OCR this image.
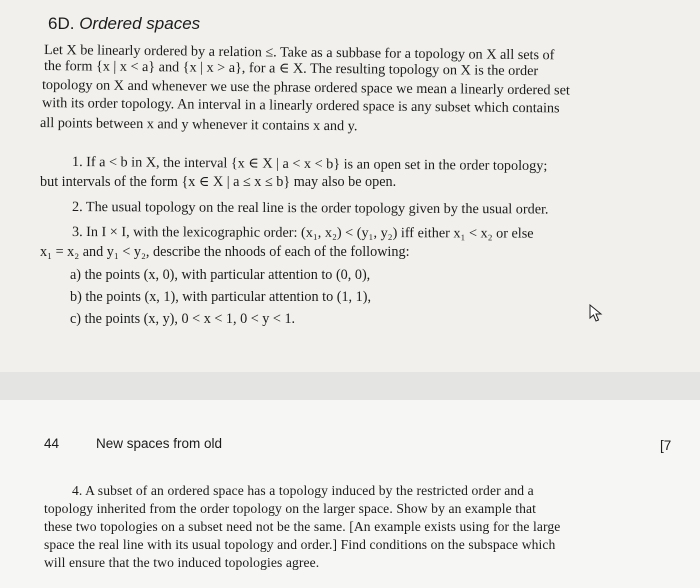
6D. Ordered spaces
Let X be linearly ordered by a relation ≤. Take as a subbase for a topology on X all sets of
the form {x | x < a} and {x | x > a}, for a ∈ X. The resulting topology on X is the order
topology on X and whenever we use the phrase ordered space we mean a linearly ordered set
with its order topology. An interval in a linearly ordered space is any subset which contains
all points between x and y whenever it contains x and y.
1. If a < b in X, the interval {x ∈ X | a < x < b} is an open set in the order topology;
but intervals of the form {x ∈ X | a ≤ x ≤ b} may also be open.
2. The usual topology on the real line is the order topology given by the usual order.
3. In I × I, with the lexicographic order: (x₁, x₂) < (y₁, y₂) iff either x₁ < x₂ or else
x₁ = x₂ and y₁ < y₂, describe the nhoods of each of the following:
a) the points (x, 0), with particular attention to (0, 0),
b) the points (x, 1), with particular attention to (1, 1),
c) the points (x, y), 0 < x < 1, 0 < y < 1.
44	New spaces from old	[7
4. A subset of an ordered space has a topology induced by the restricted order and a
topology inherited from the order topology on the larger space. Show by an example that
these two topologies on a subset need not be the same. [An example exists using for the large
space the real line with its usual topology and order.] Find conditions on the subspace which
will ensure that the two induced topologies agree.
